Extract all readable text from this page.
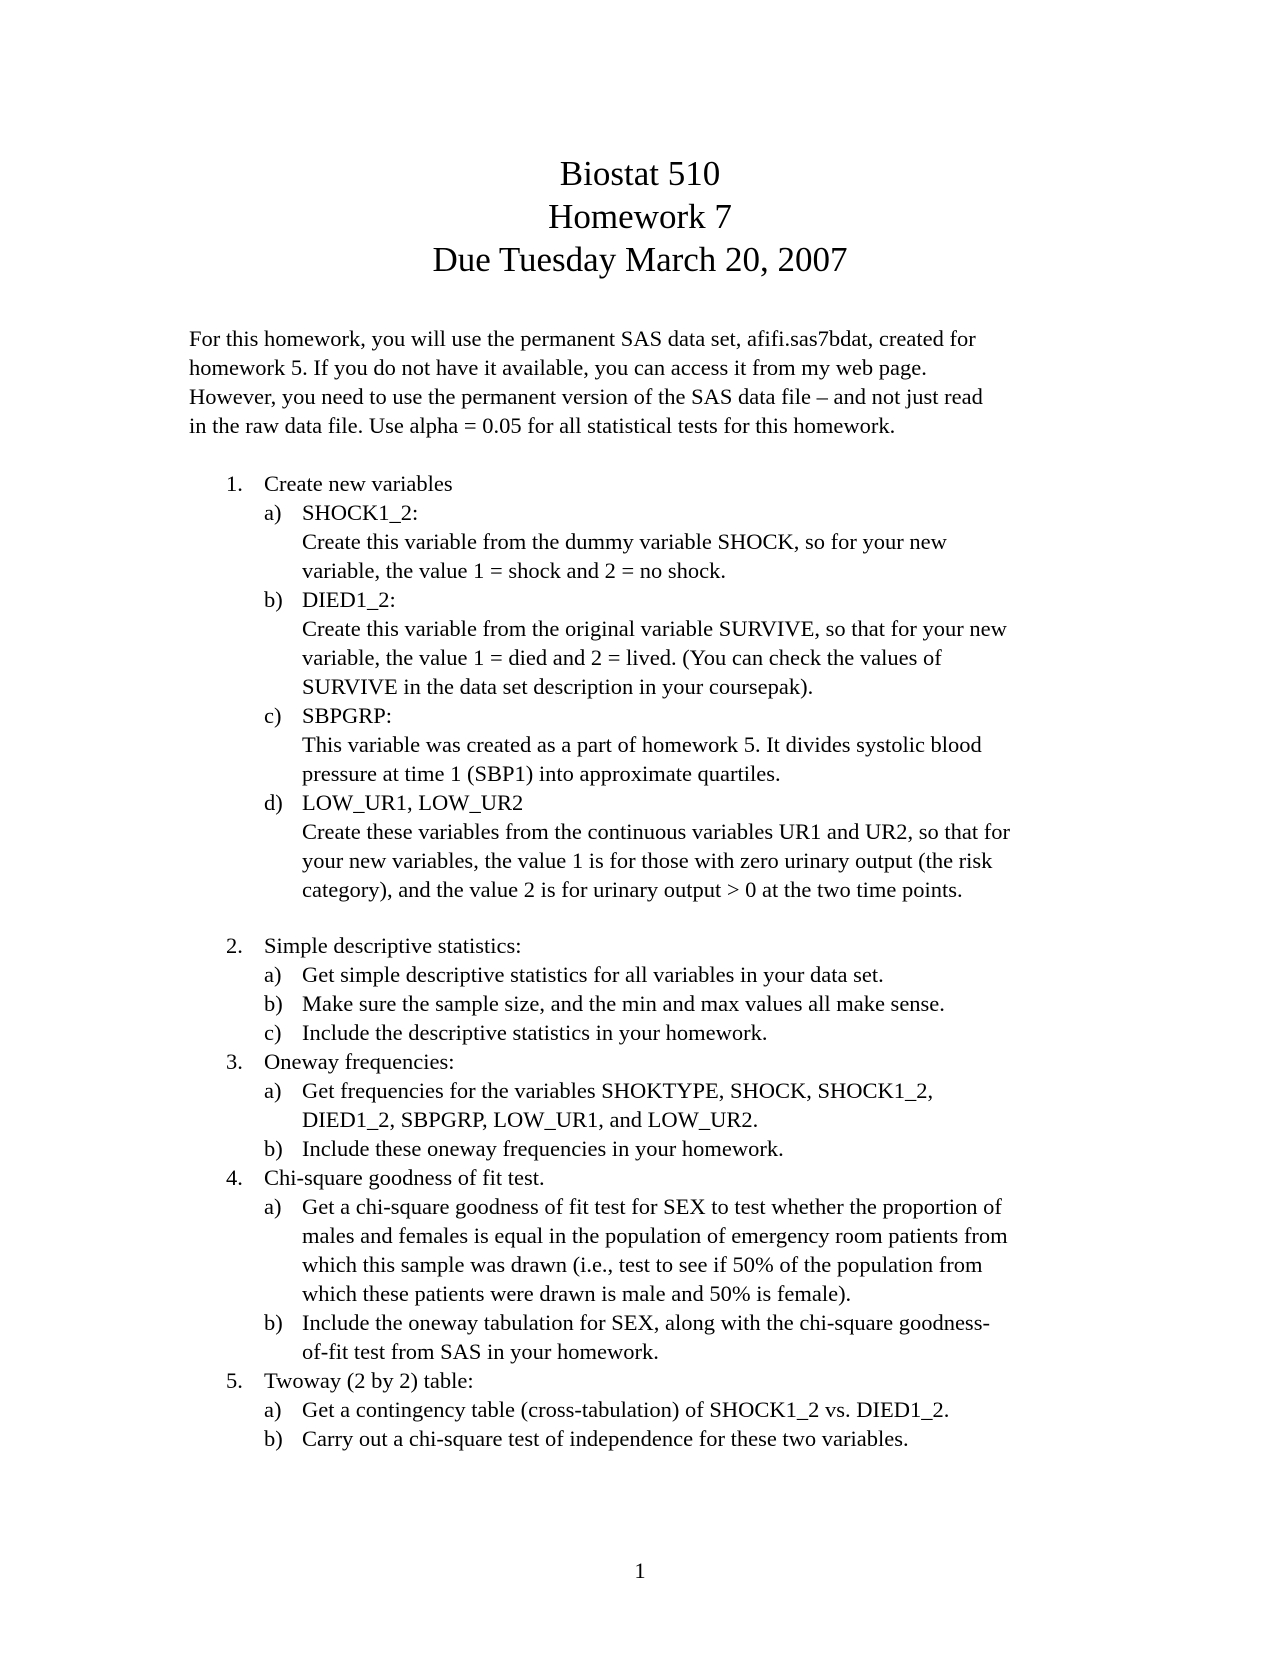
Biostat 510
Homework 7
Due Tuesday March 20, 2007
For this homework, you will use the permanent SAS data set, afifi.sas7bdat, created for
homework 5. If you do not have it available, you can access it from my web page.
However, you need to use the permanent version of the SAS data file – and not just read
in the raw data file. Use alpha = 0.05 for all statistical tests for this homework.
1. Create new variables
a) SHOCK1_2:
Create this variable from the dummy variable SHOCK, so for your new
variable, the value 1 = shock and 2 = no shock.
b) DIED1_2:
Create this variable from the original variable SURVIVE, so that for your new
variable, the value 1 = died and 2 = lived. (You can check the values of
SURVIVE in the data set description in your coursepak).
c) SBPGRP:
This variable was created as a part of homework 5. It divides systolic blood
pressure at time 1 (SBP1) into approximate quartiles.
d) LOW_UR1, LOW_UR2
Create these variables from the continuous variables UR1 and UR2, so that for
your new variables, the value 1 is for those with zero urinary output (the risk
category), and the value 2 is for urinary output > 0 at the two time points.
2. Simple descriptive statistics:
a) Get simple descriptive statistics for all variables in your data set.
b) Make sure the sample size, and the min and max values all make sense.
c) Include the descriptive statistics in your homework.
3. Oneway frequencies:
a) Get frequencies for the variables SHOKTYPE, SHOCK, SHOCK1_2,
DIED1_2, SBPGRP, LOW_UR1, and LOW_UR2.
b) Include these oneway frequencies in your homework.
4. Chi-square goodness of fit test.
a) Get a chi-square goodness of fit test for SEX to test whether the proportion of
males and females is equal in the population of emergency room patients from
which this sample was drawn (i.e., test to see if 50% of the population from
which these patients were drawn is male and 50% is female).
b) Include the oneway tabulation for SEX, along with the chi-square goodness-
of-fit test from SAS in your homework.
5. Twoway (2 by 2) table:
a) Get a contingency table (cross-tabulation) of SHOCK1_2 vs. DIED1_2.
b) Carry out a chi-square test of independence for these two variables.
1
